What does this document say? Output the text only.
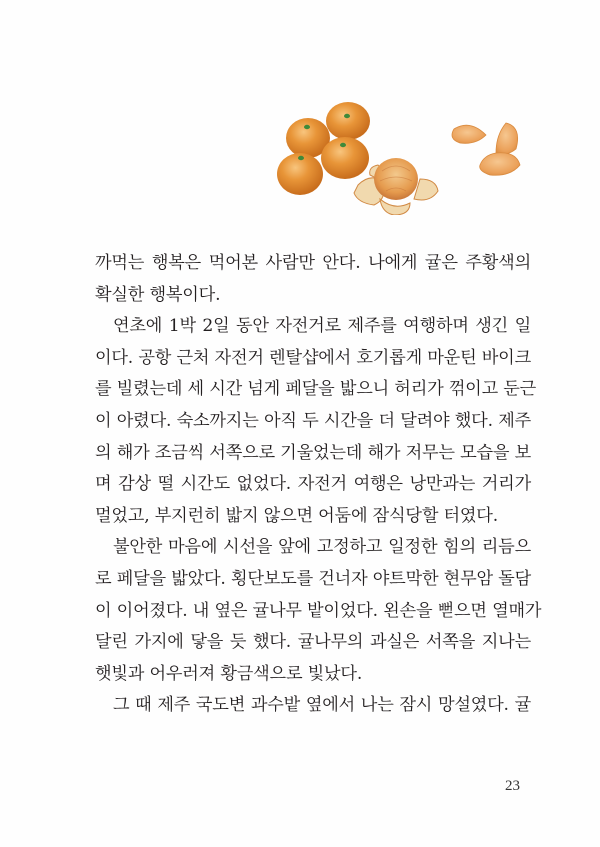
까먹는 행복은 먹어본 사람만 안다. 나에게 귤은 주황색의
확실한 행복이다.
연초에 1박 2일 동안 자전거로 제주를 여행하며 생긴 일
이다. 공항 근처 자전거 렌탈샵에서 호기롭게 마운틴 바이크
를 빌렸는데 세 시간 넘게 페달을 밟으니 허리가 꺾이고 둔근
이 아렸다. 숙소까지는 아직 두 시간을 더 달려야 했다. 제주
의 해가 조금씩 서쪽으로 기울었는데 해가 저무는 모습을 보
며 감상 떨 시간도 없었다. 자전거 여행은 낭만과는 거리가
멀었고, 부지런히 밟지 않으면 어둠에 잠식당할 터였다.
불안한 마음에 시선을 앞에 고정하고 일정한 힘의 리듬으
로 페달을 밟았다. 횡단보도를 건너자 야트막한 현무암 돌담
이 이어졌다. 내 옆은 귤나무 밭이었다. 왼손을 뻗으면 열매가
달린 가지에 닿을 듯 했다. 귤나무의 과실은 서쪽을 지나는
햇빛과 어우러져 황금색으로 빛났다.
그 때 제주 국도변 과수밭 옆에서 나는 잠시 망설였다. 귤
23
